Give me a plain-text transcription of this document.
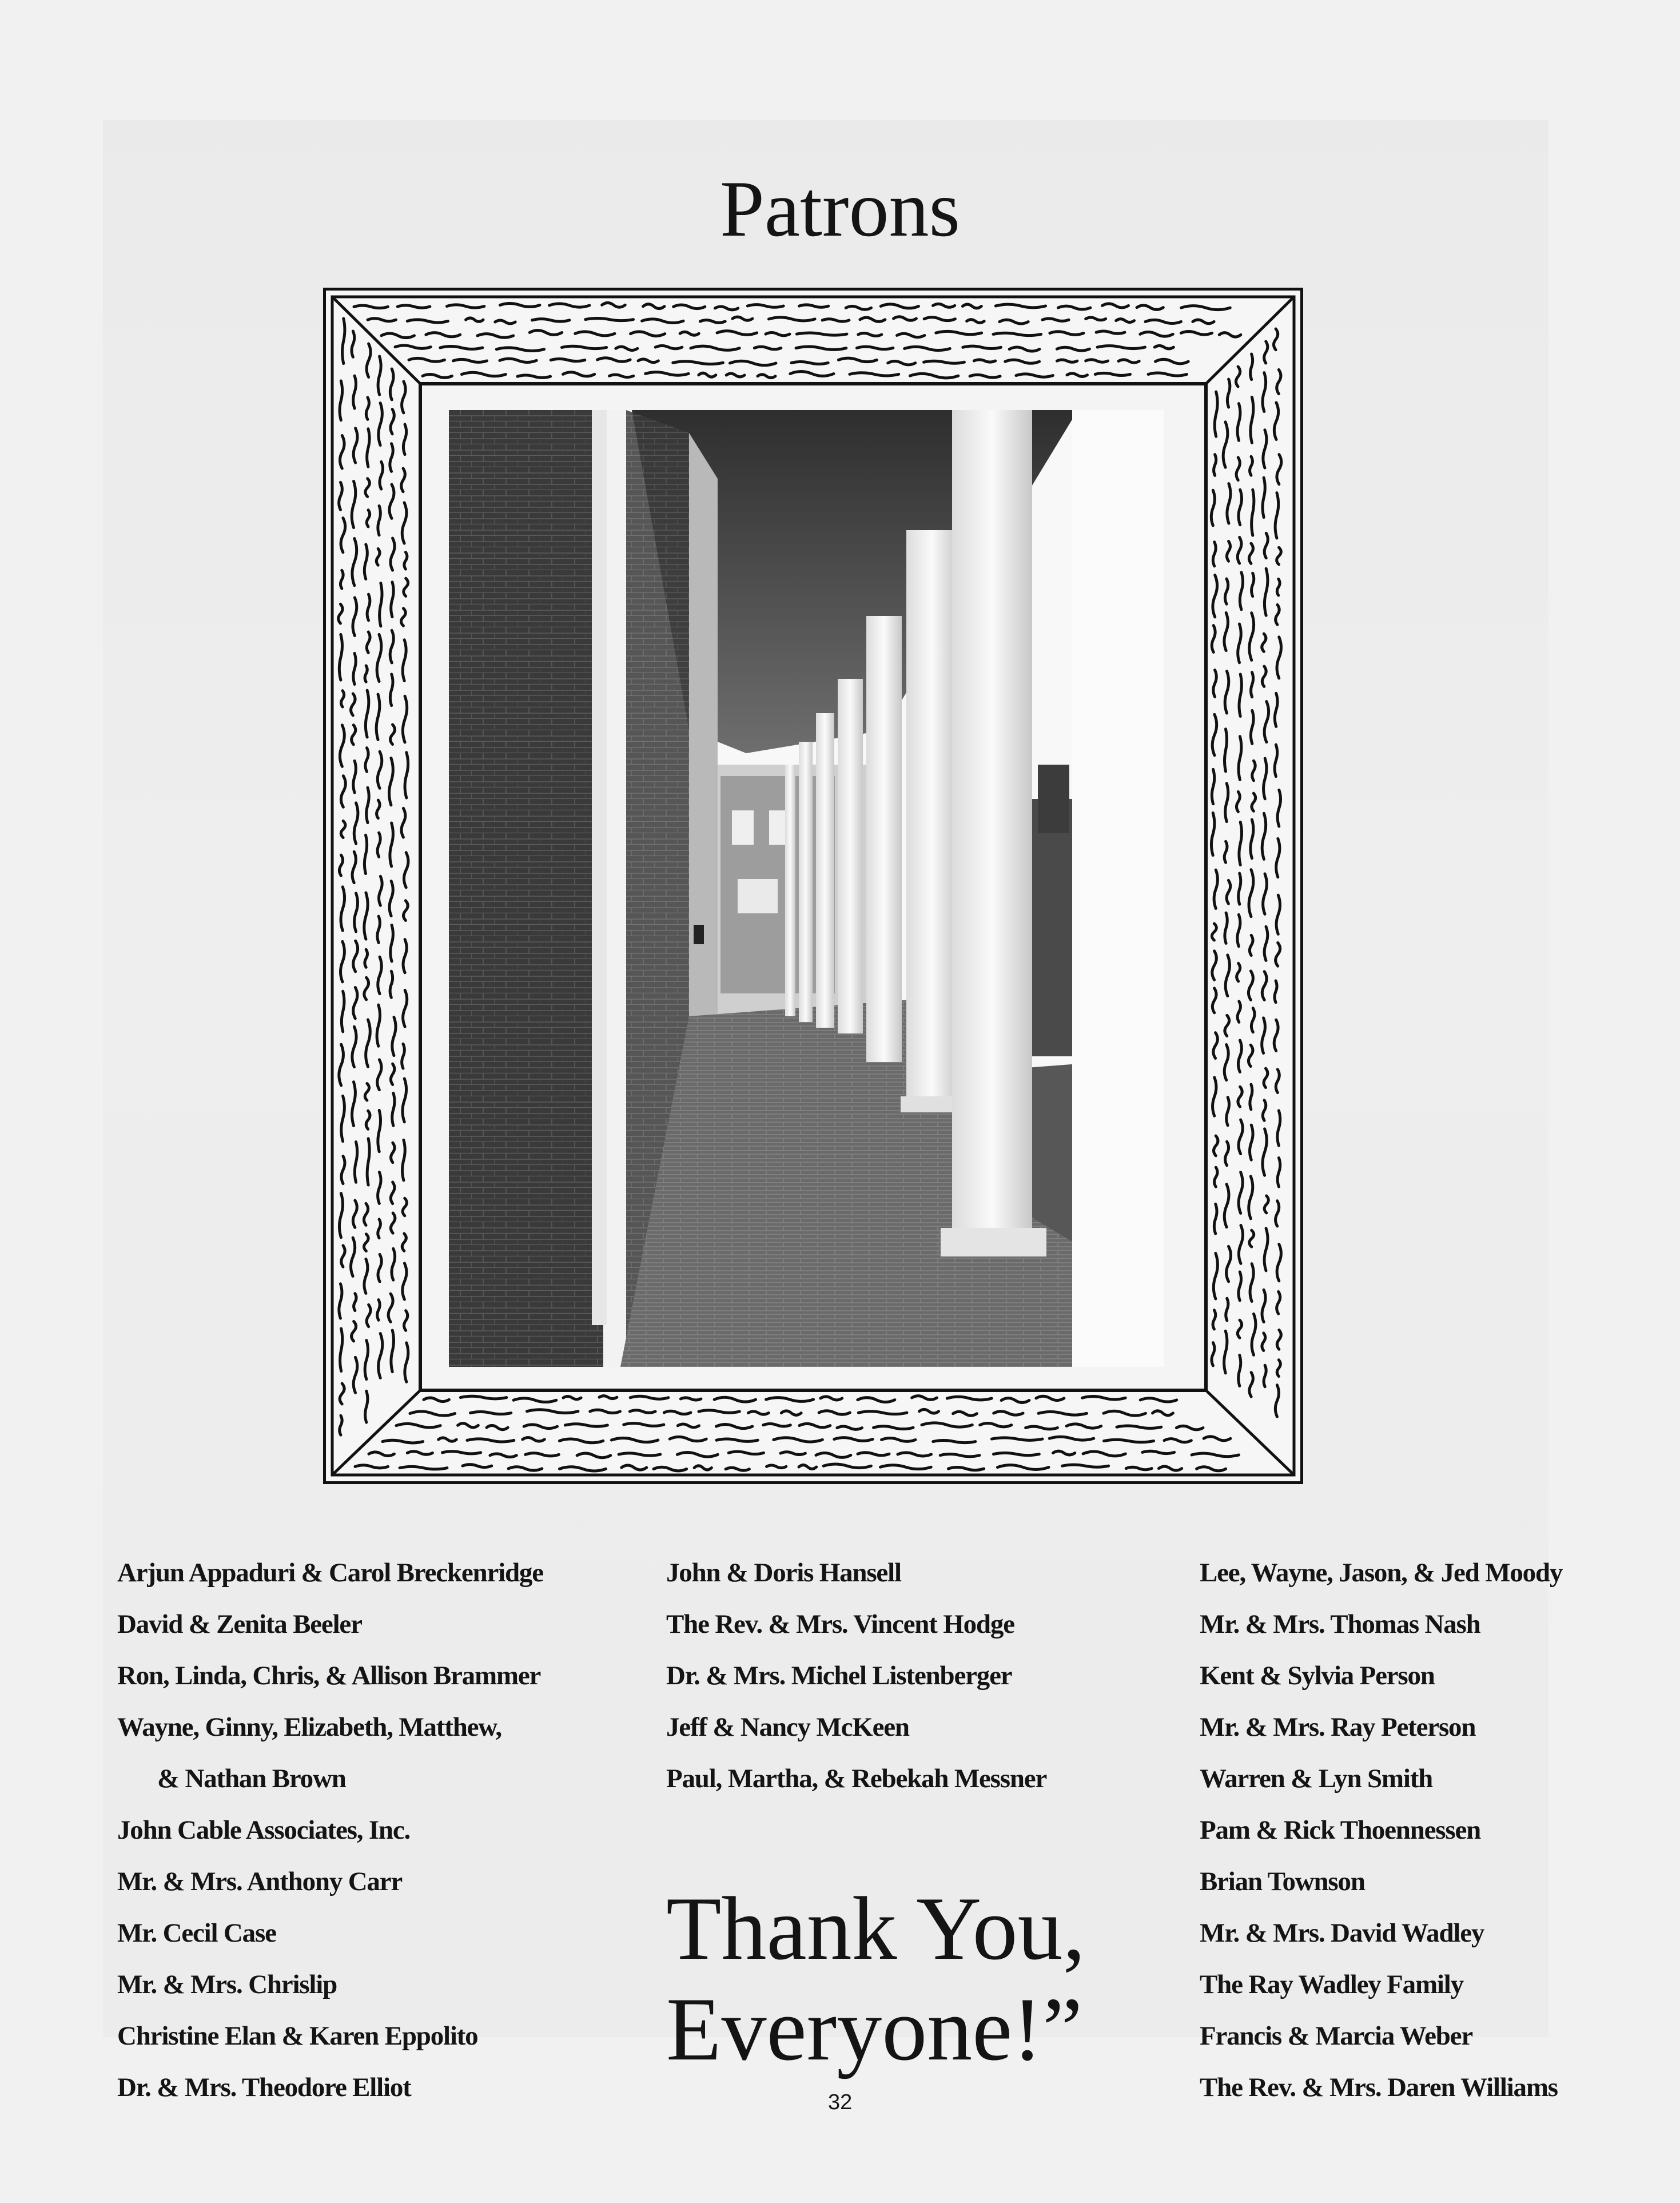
Patrons
Arjun Appaduri & Carol Breckenridge
David & Zenita Beeler
Ron, Linda, Chris, & Allison Brammer
Wayne, Ginny, Elizabeth, Matthew,
& Nathan Brown
John Cable Associates, Inc.
Mr. & Mrs. Anthony Carr
Mr. Cecil Case
Mr. & Mrs. Chrislip
Christine Elan & Karen Eppolito
Dr. & Mrs. Theodore Elliot
John & Doris Hansell
The Rev. & Mrs. Vincent Hodge
Dr. & Mrs. Michel Listenberger
Jeff & Nancy McKeen
Paul, Martha, & Rebekah Messner
Lee, Wayne, Jason, & Jed Moody
Mr. & Mrs. Thomas Nash
Kent & Sylvia Person
Mr. & Mrs. Ray Peterson
Warren & Lyn Smith
Pam & Rick Thoennessen
Brian Townson
Mr. & Mrs. David Wadley
The Ray Wadley Family
Francis & Marcia Weber
The Rev. & Mrs. Daren Williams
Thank You,
Everyone!”
32
